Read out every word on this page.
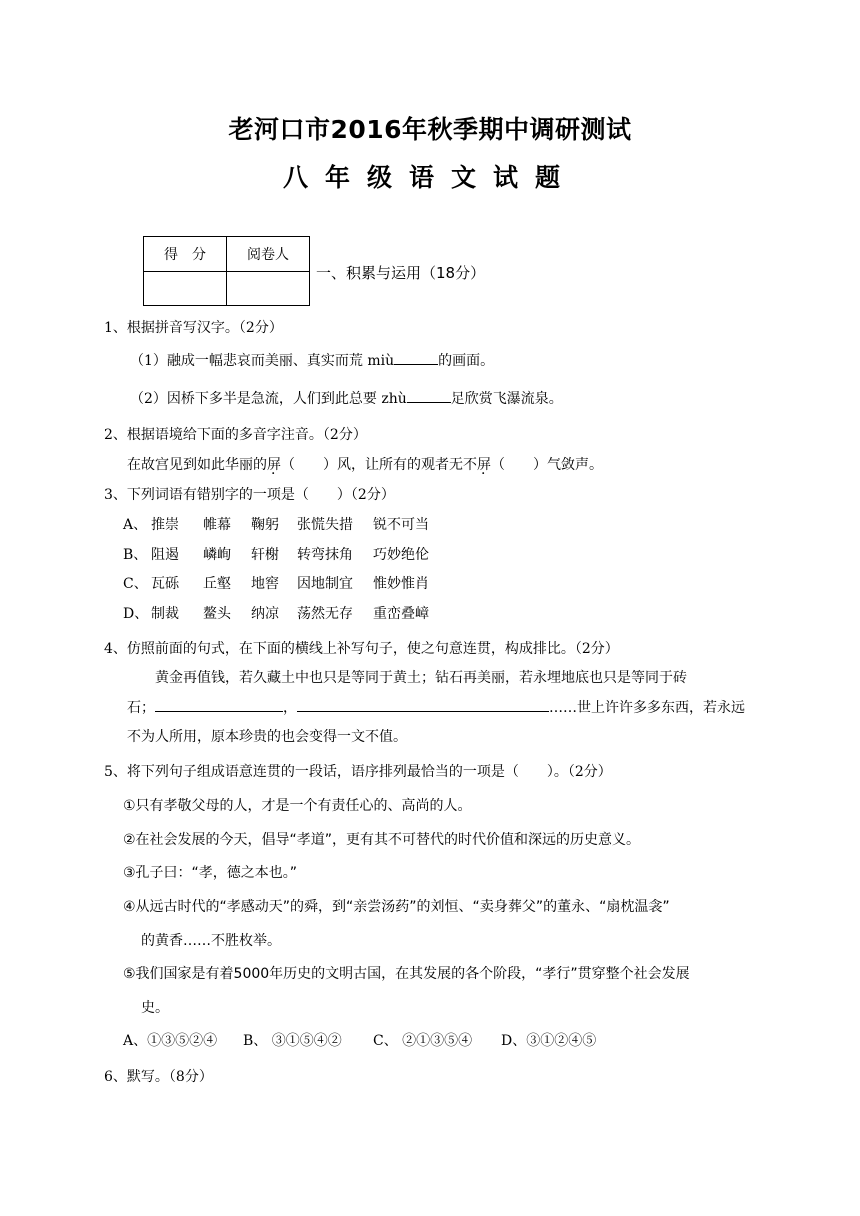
老河口市2016年秋季期中调研测试
八年级语文试题
得　分	阅卷人

一、积累与运用（18分）
1、根据拼音写汉字。（2分）
（1）融成一幅悲哀而美丽、真实而荒 miù	的画面。
（2）因桥下多半是急流，人们到此总要 zhù	足欣赏飞瀑流泉。
2、根据语境给下面的多音字注音。（2分）
在故宫见到如此华丽的屏（　　）风，让所有的观者无不屏（　　）气敛声。
3、下列词语有错别字的一项是（　　）（2分）
A、 推崇 帷幕 鞠躬 张慌失措 锐不可当
B、 阻遏 嶙峋 轩榭 转弯抹角 巧妙绝伦
C、 瓦砾 丘壑 地窖 因地制宜 惟妙惟肖
D、 制裁 鳌头 纳凉 荡然无存 重峦叠嶂
4、仿照前面的句式，在下面的横线上补写句子，使之句意连贯，构成排比。（2分）
黄金再值钱，若久藏土中也只是等同于黄土；钻石再美丽，若永埋地底也只是等同于砖
石；	，	……世上许许多多东西，若永远
不为人所用，原本珍贵的也会变得一文不值。
5、将下列句子组成语意连贯的一段话，语序排列最恰当的一项是（　　）。（2分）
①只有孝敬父母的人，才是一个有责任心的、高尚的人。
②在社会发展的今天，倡导“孝道”，更有其不可替代的时代价值和深远的历史意义。
③孔子曰：“孝，德之本也。”
④从远古时代的“孝感动天”的舜，到“亲尝汤药”的刘恒、“卖身葬父”的董永、“扇枕温衾”
的黄香……不胜枚举。
⑤我们国家是有着5000年历史的文明古国，在其发展的各个阶段，“孝行”贯穿整个社会发展
史。
A、①③⑤②④ B、 ③①⑤④② C、 ②①③⑤④ D、③①②④⑤
6、默写。（8分）
